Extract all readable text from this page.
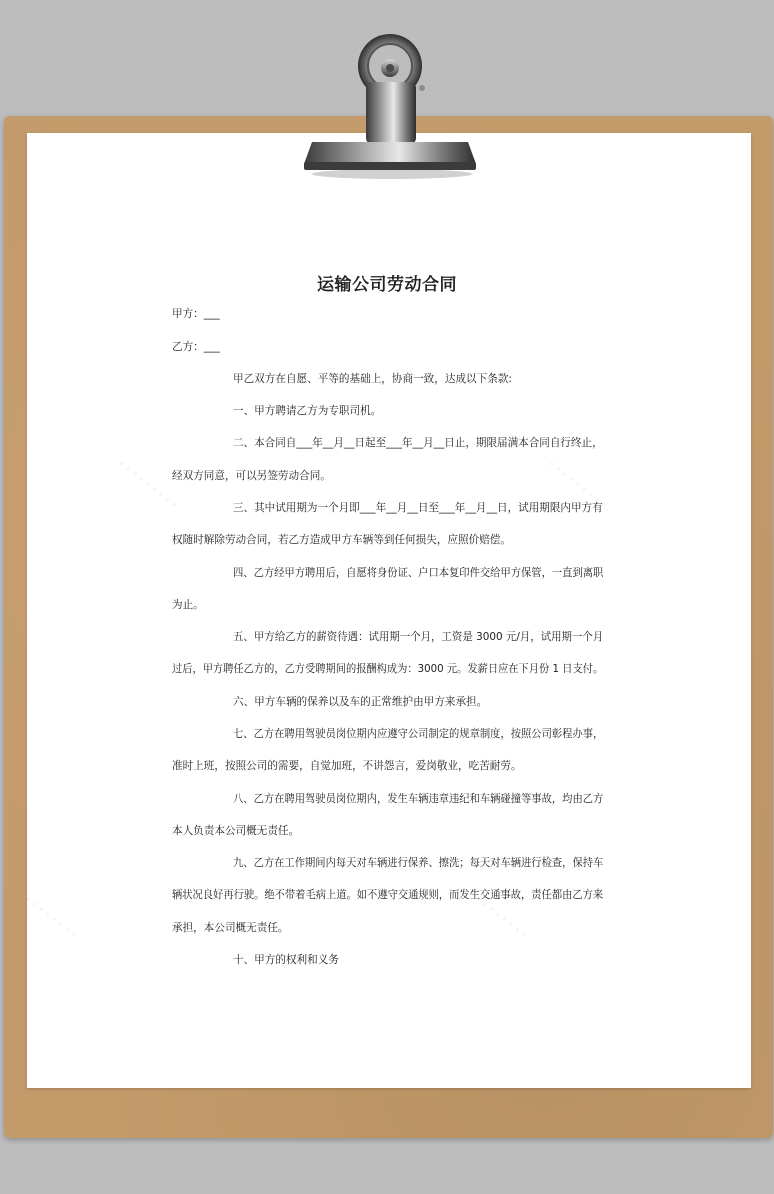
运输公司劳动合同
甲方：___
乙方：___
甲乙双方在自愿、平等的基础上，协商一致，达成以下条款:
一、甲方聘请乙方为专职司机。
二、本合同自___年__月__日起至___年__月__日止，期限届满本合同自行终止，
经双方同意，可以另签劳动合同。
三、其中试用期为一个月即___年__月__日至___年__月__日，试用期限内甲方有
权随时解除劳动合同，若乙方造成甲方车辆等到任何损失，应照价赔偿。
四、乙方经甲方聘用后，自愿将身份证、户口本复印件交给甲方保管，一直到离职
为止。
五、甲方给乙方的薪资待遇：试用期一个月，工资是 3000 元/月，试用期一个月
过后，甲方聘任乙方的，乙方受聘期间的报酬构成为：3000 元。发薪日应在下月份 1 日支付。
六、甲方车辆的保养以及车的正常维护由甲方来承担。
七、乙方在聘用驾驶员岗位期内应遵守公司制定的规章制度，按照公司彰程办事，
准时上班，按照公司的需要，自觉加班，不讲怨言，爱岗敬业，吃苦耐劳。
八、乙方在聘用驾驶员岗位期内，发生车辆违章违纪和车辆碰撞等事故，均由乙方
本人负责本公司概无责任。
九、乙方在工作期间内每天对车辆进行保养、擦洗；每天对车辆进行检查，保持车
辆状况良好再行驶。绝不带着毛病上道。如不遵守交通规则，而发生交通事故，责任都由乙方来
承担，本公司概无责任。
十、甲方的权利和义务
